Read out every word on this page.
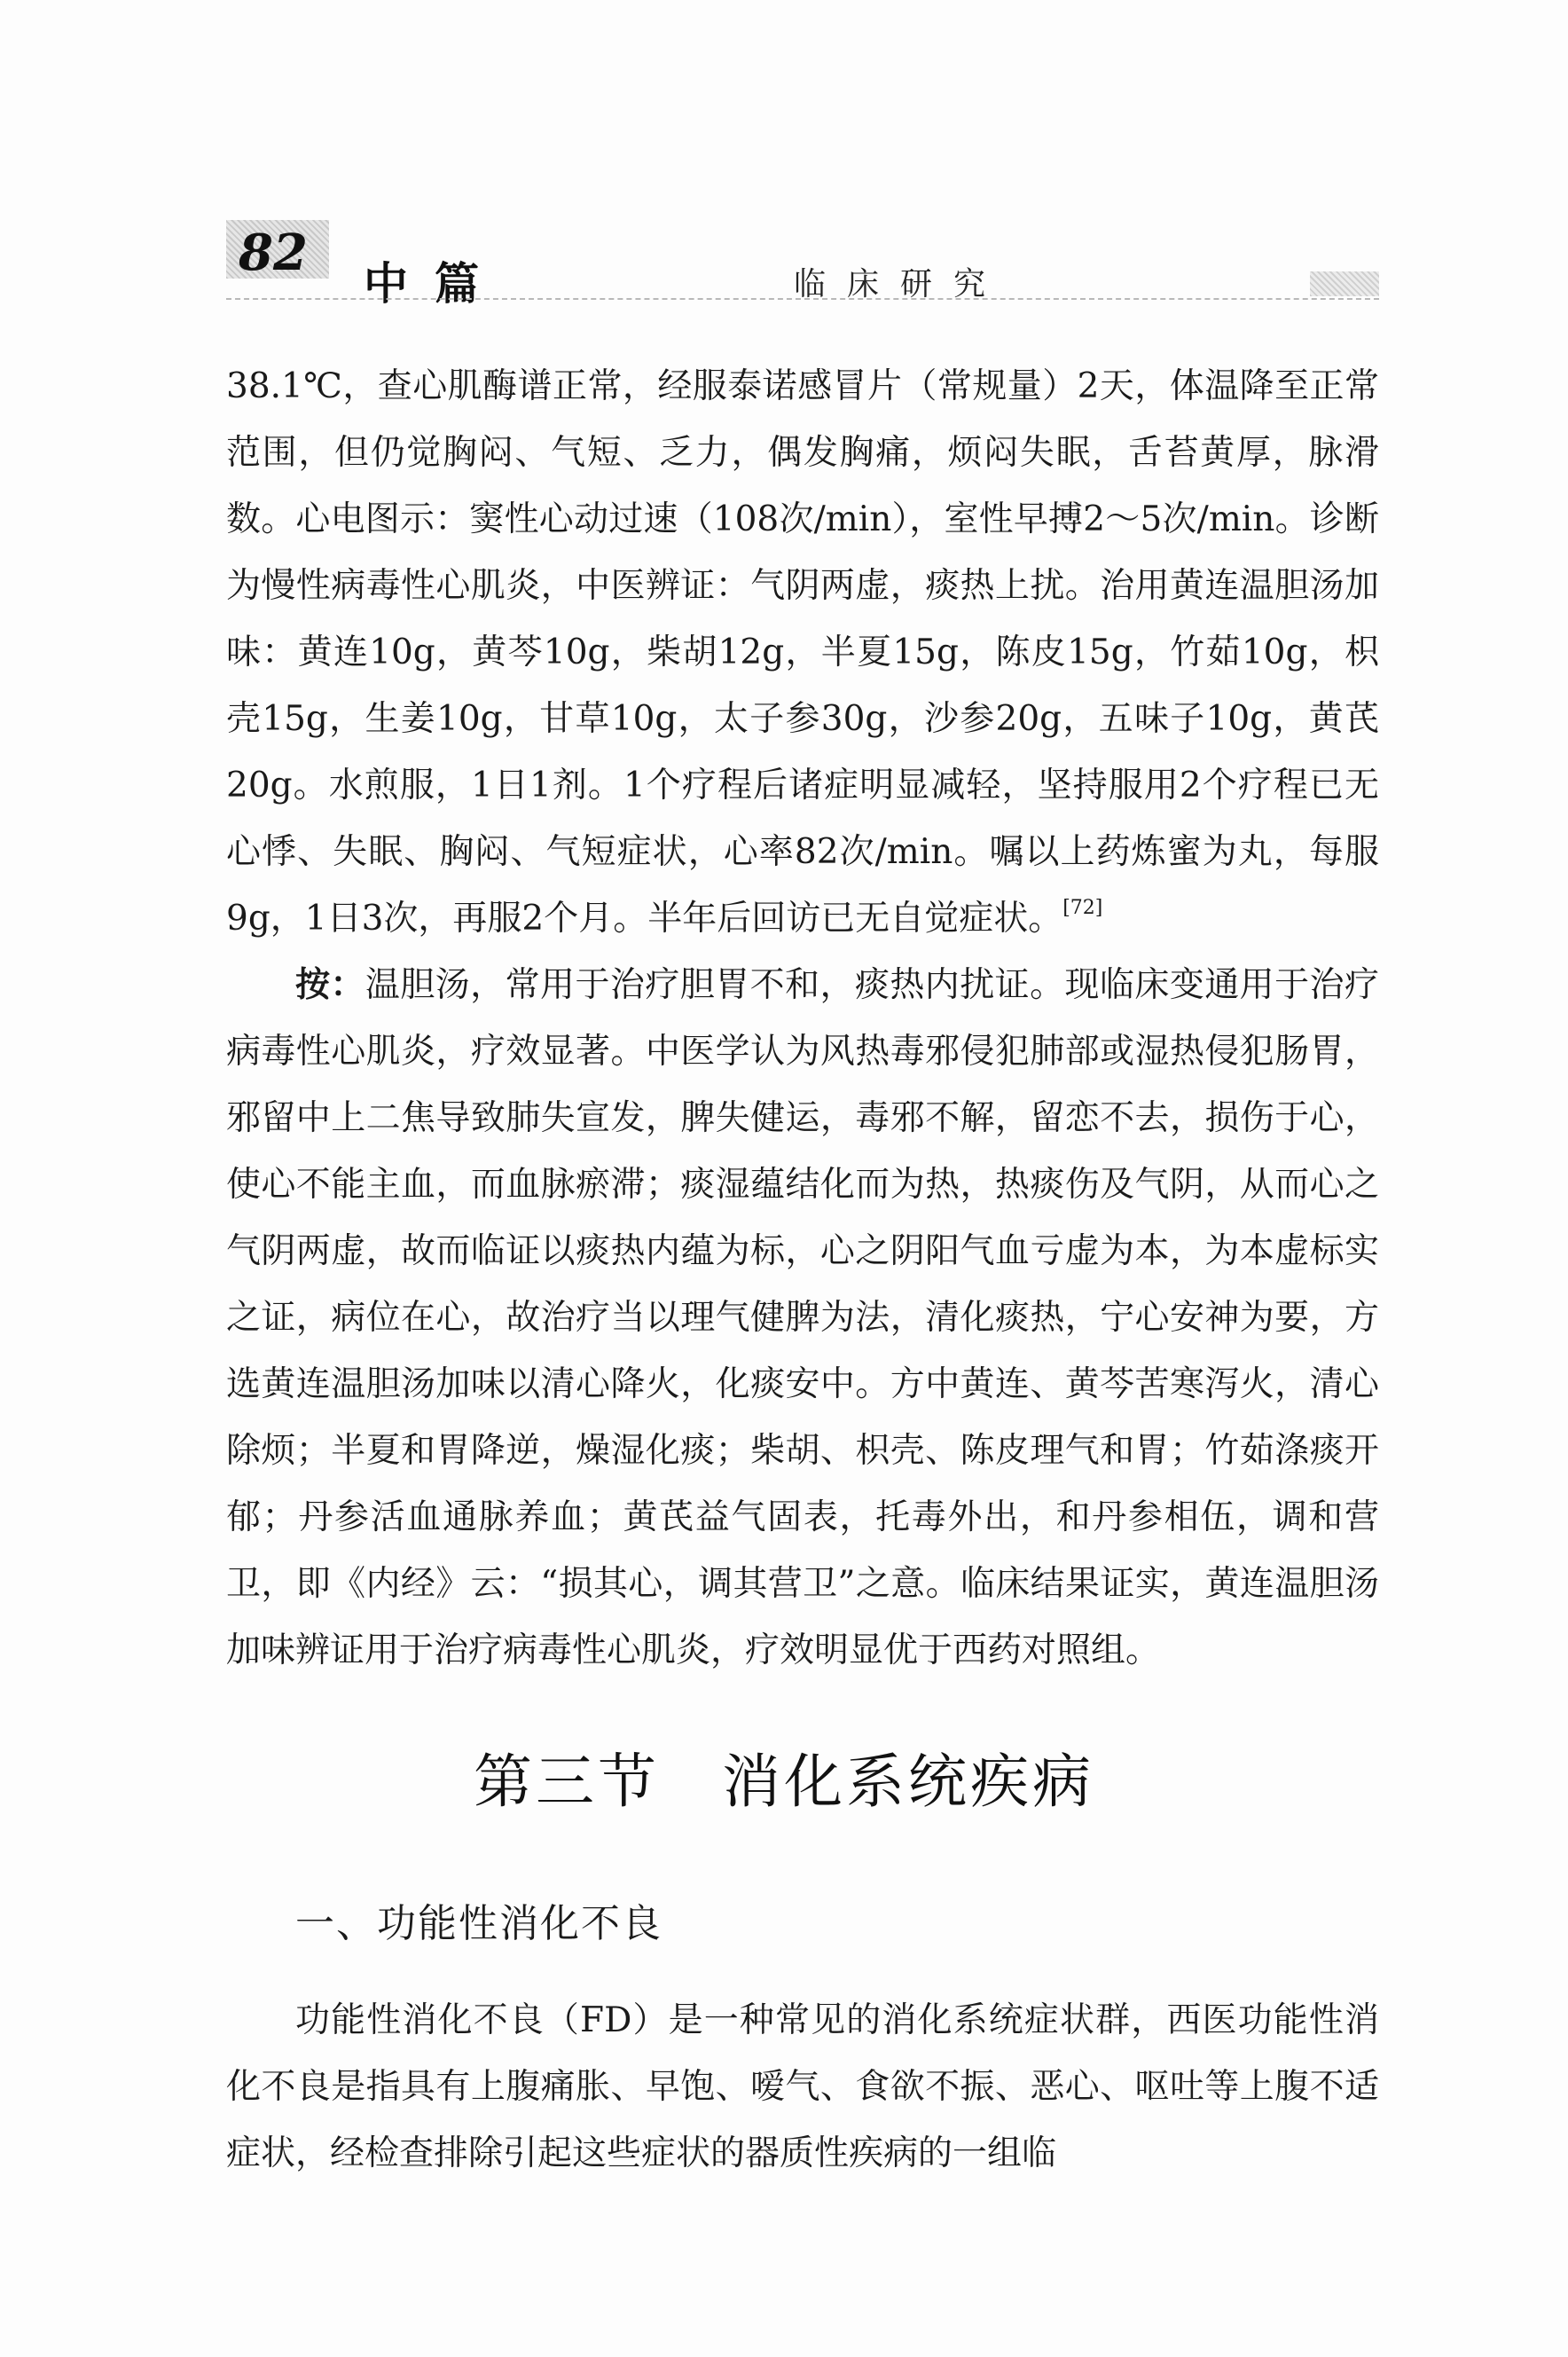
82
中篇	临床研究

38.1℃，查心肌酶谱正常，经服泰诺感冒片（常规量）2天，体温降至正常范围，但仍觉胸闷、气短、乏力，偶发胸痛，烦闷失眠，舌苔黄厚，脉滑数。心电图示：窦性心动过速（108次/min），室性早搏2～5次/min。诊断为慢性病毒性心肌炎，中医辨证：气阴两虚，痰热上扰。治用黄连温胆汤加味：黄连10g，黄芩10g，柴胡12g，半夏15g，陈皮15g，竹茹10g，枳壳15g，生姜10g，甘草10g，太子参30g，沙参20g，五味子10g，黄芪20g。水煎服，1日1剂。1个疗程后诸症明显减轻，坚持服用2个疗程已无心悸、失眠、胸闷、气短症状，心率82次/min。嘱以上药炼蜜为丸，每服9g，1日3次，再服2个月。半年后回访已无自觉症状。[72]

按：温胆汤，常用于治疗胆胃不和，痰热内扰证。现临床变通用于治疗病毒性心肌炎，疗效显著。中医学认为风热毒邪侵犯肺部或湿热侵犯肠胃，邪留中上二焦导致肺失宣发，脾失健运，毒邪不解，留恋不去，损伤于心，使心不能主血，而血脉瘀滞；痰湿蕴结化而为热，热痰伤及气阴，从而心之气阴两虚，故而临证以痰热内蕴为标，心之阴阳气血亏虚为本，为本虚标实之证，病位在心，故治疗当以理气健脾为法，清化痰热，宁心安神为要，方选黄连温胆汤加味以清心降火，化痰安中。方中黄连、黄芩苦寒泻火，清心除烦；半夏和胃降逆，燥湿化痰；柴胡、枳壳、陈皮理气和胃；竹茹涤痰开郁；丹参活血通脉养血；黄芪益气固表，托毒外出，和丹参相伍，调和营卫，即《内经》云：“损其心，调其营卫”之意。临床结果证实，黄连温胆汤加味辨证用于治疗病毒性心肌炎，疗效明显优于西药对照组。

第三节 消化系统疾病
一、功能性消化不良

功能性消化不良（FD）是一种常见的消化系统症状群，西医功能性消化不良是指具有上腹痛胀、早饱、嗳气、食欲不振、恶心、呕吐等上腹不适症状，经检查排除引起这些症状的器质性疾病的一组临
